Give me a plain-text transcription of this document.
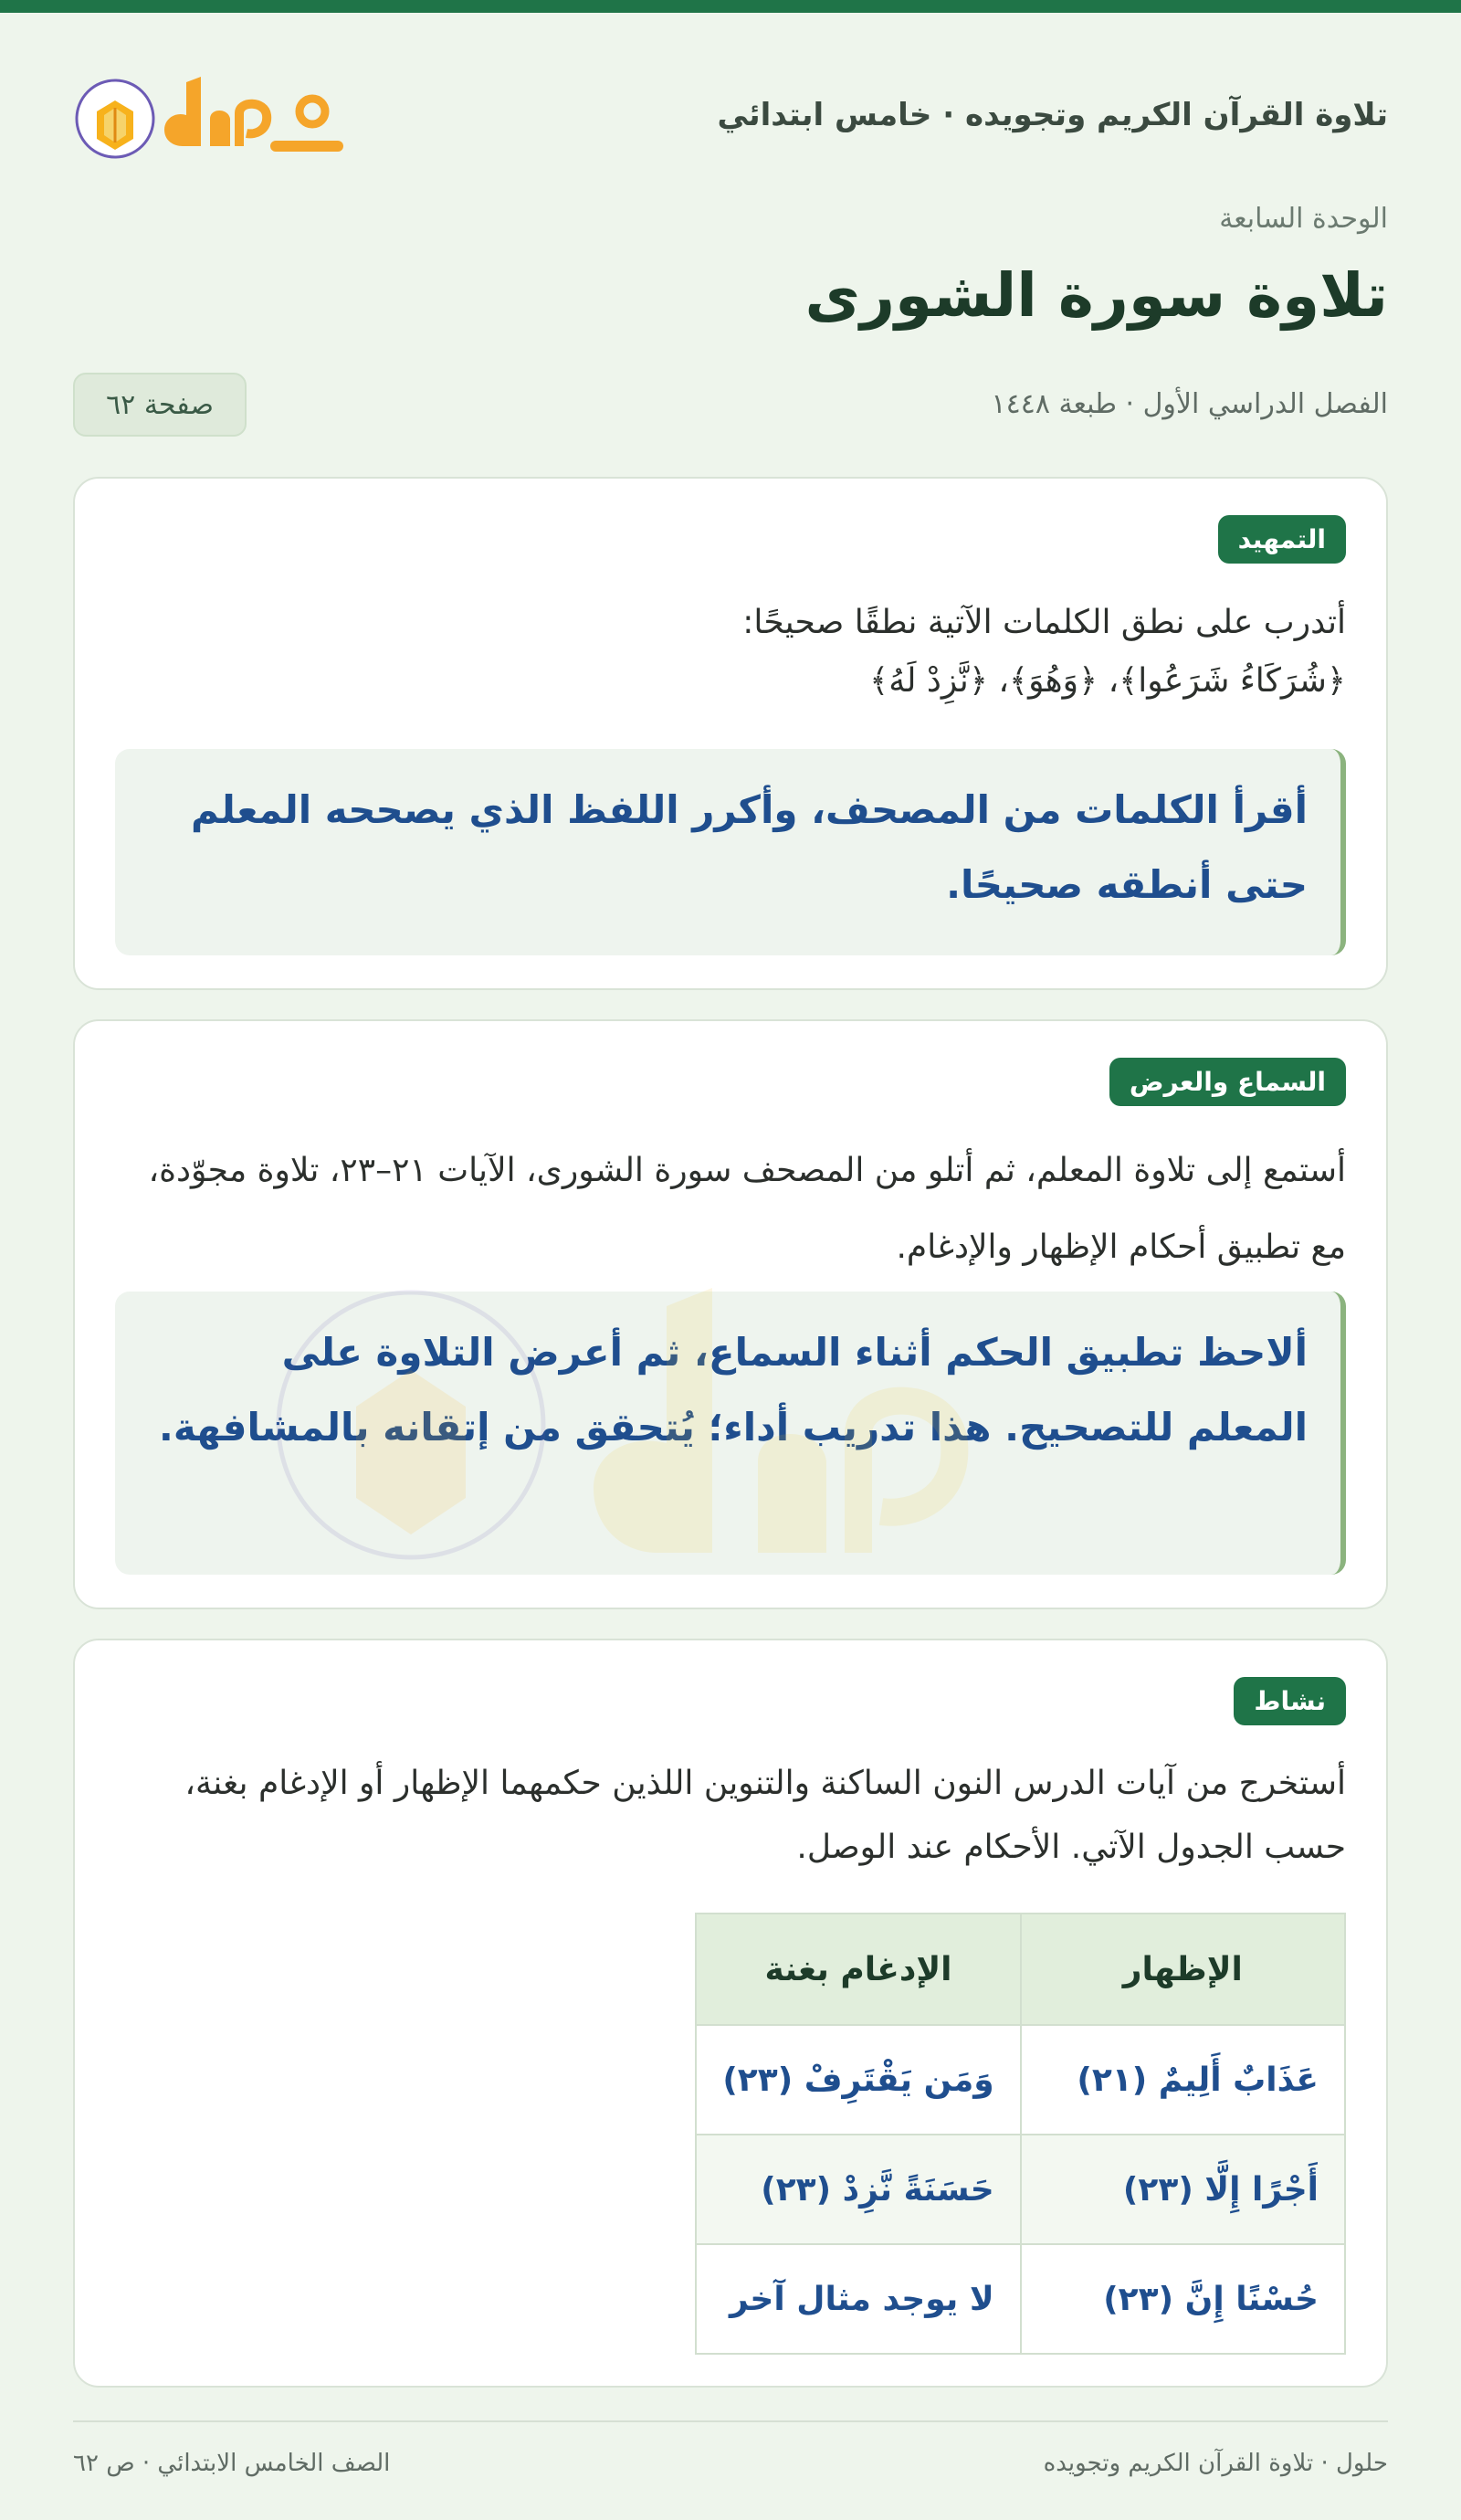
تلاوة القرآن الكريم وتجويده · خامس ابتدائي
الوحدة السابعة
تلاوة سورة الشورى
الفصل الدراسي الأول · طبعة ١٤٤٨
صفحة ٦٢
التمهيد
أتدرب على نطق الكلمات الآتية نطقًا صحيحًا:
﴿شُرَكَاءُ شَرَعُوا﴾، ﴿وَهُوَ﴾، ﴿نَّزِدْ لَهُ﴾
أقرأ الكلمات من المصحف، وأكرر اللفظ الذي يصححه المعلم حتى أنطقه صحيحًا.
السماع والعرض
أستمع إلى تلاوة المعلم، ثم أتلو من المصحف سورة الشورى، الآيات ٢١–٢٣، تلاوة مجوّدة، مع تطبيق أحكام الإظهار والإدغام.
ألاحظ تطبيق الحكم أثناء السماع، ثم أعرض التلاوة على المعلم للتصحيح. هذا تدريب أداء؛ يُتحقق من إتقانه بالمشافهة.
نشاط
أستخرج من آيات الدرس النون الساكنة والتنوين اللذين حكمهما الإظهار أو الإدغام بغنة، حسب الجدول الآتي. الأحكام عند الوصل.
الإظهار	الإدغام بغنة
عَذَابٌ أَلِيمٌ (٢١)	وَمَن يَقْتَرِفْ (٢٣)
أَجْرًا إِلَّا (٢٣)	حَسَنَةً نَّزِدْ (٢٣)
حُسْنًا إِنَّ (٢٣)	لا يوجد مثال آخر
حلول · تلاوة القرآن الكريم وتجويده
الصف الخامس الابتدائي · ص ٦٢
